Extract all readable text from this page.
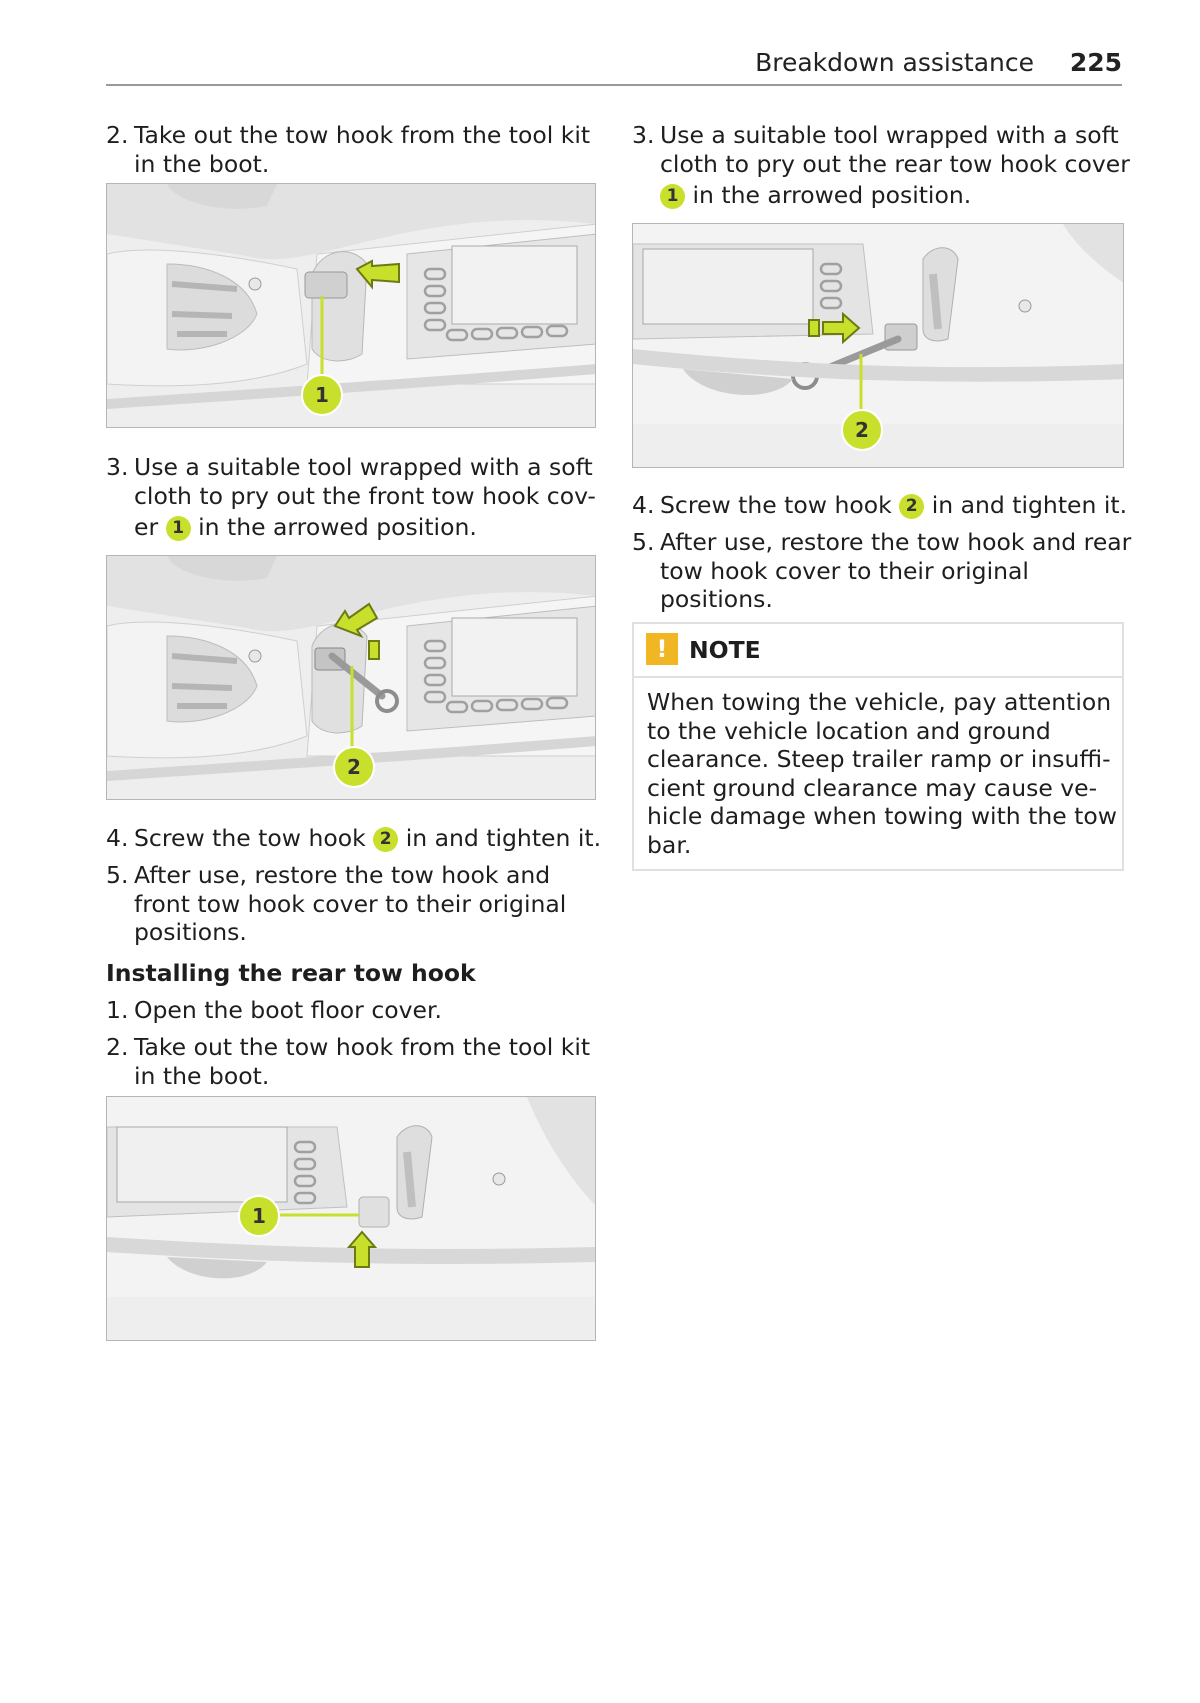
Breakdown assistance 225
2. Take out the tow hook from the tool kit
in the boot.
1
3. Use a suitable tool wrapped with a soft
cloth to pry out the front tow hook cov-
er 1 in the arrowed position.
2
4. Screw the tow hook 2 in and tighten it.
5. After use, restore the tow hook and
front tow hook cover to their original
positions.
Installing the rear tow hook
1. Open the boot floor cover.
2. Take out the tow hook from the tool kit
in the boot.
1
3. Use a suitable tool wrapped with a soft
cloth to pry out the rear tow hook cover
1 in the arrowed position.
2
4. Screw the tow hook 2 in and tighten it.
5. After use, restore the tow hook and rear
tow hook cover to their original
positions.
! NOTE
When towing the vehicle, pay attention
to the vehicle location and ground
clearance. Steep trailer ramp or insuffi-
cient ground clearance may cause ve-
hicle damage when towing with the tow
bar.
